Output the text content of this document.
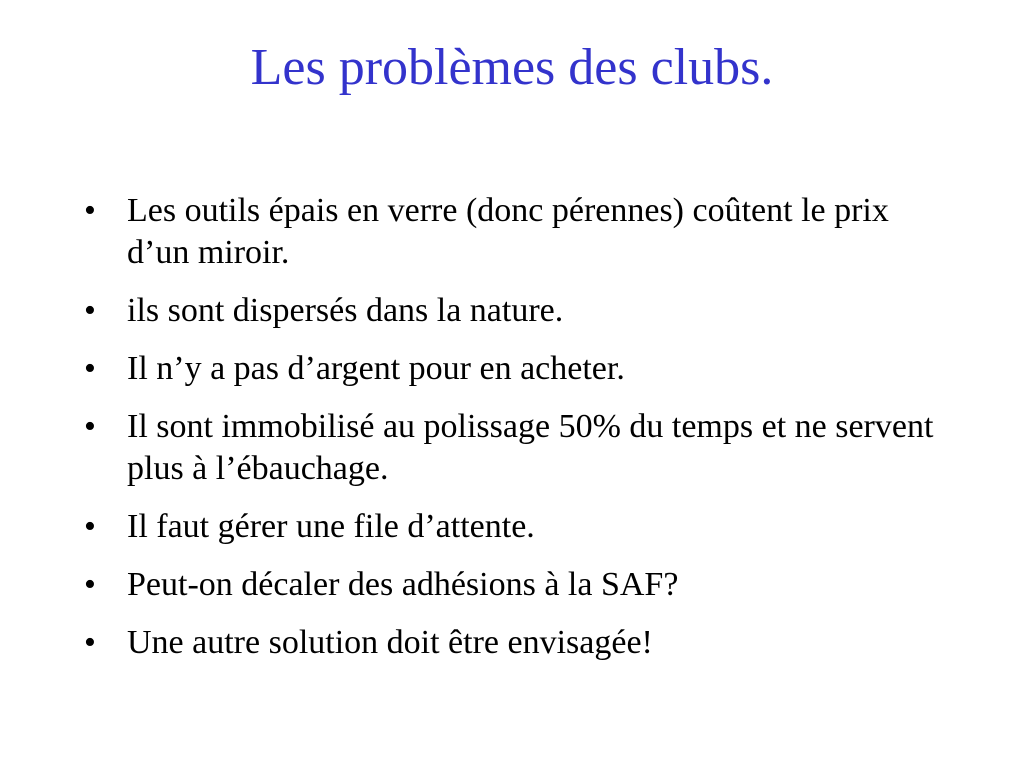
Les problèmes des clubs.
• Les outils épais en verre (donc pérennes) coûtent le prix d’un miroir.
• ils sont dispersés dans la nature.
• Il n’y a pas d’argent pour en acheter.
• Il sont immobilisé au polissage 50% du temps et ne servent plus à l’ébauchage.
• Il faut gérer une file d’attente.
• Peut-on décaler des adhésions à la SAF?
• Une autre solution doit être envisagée!
